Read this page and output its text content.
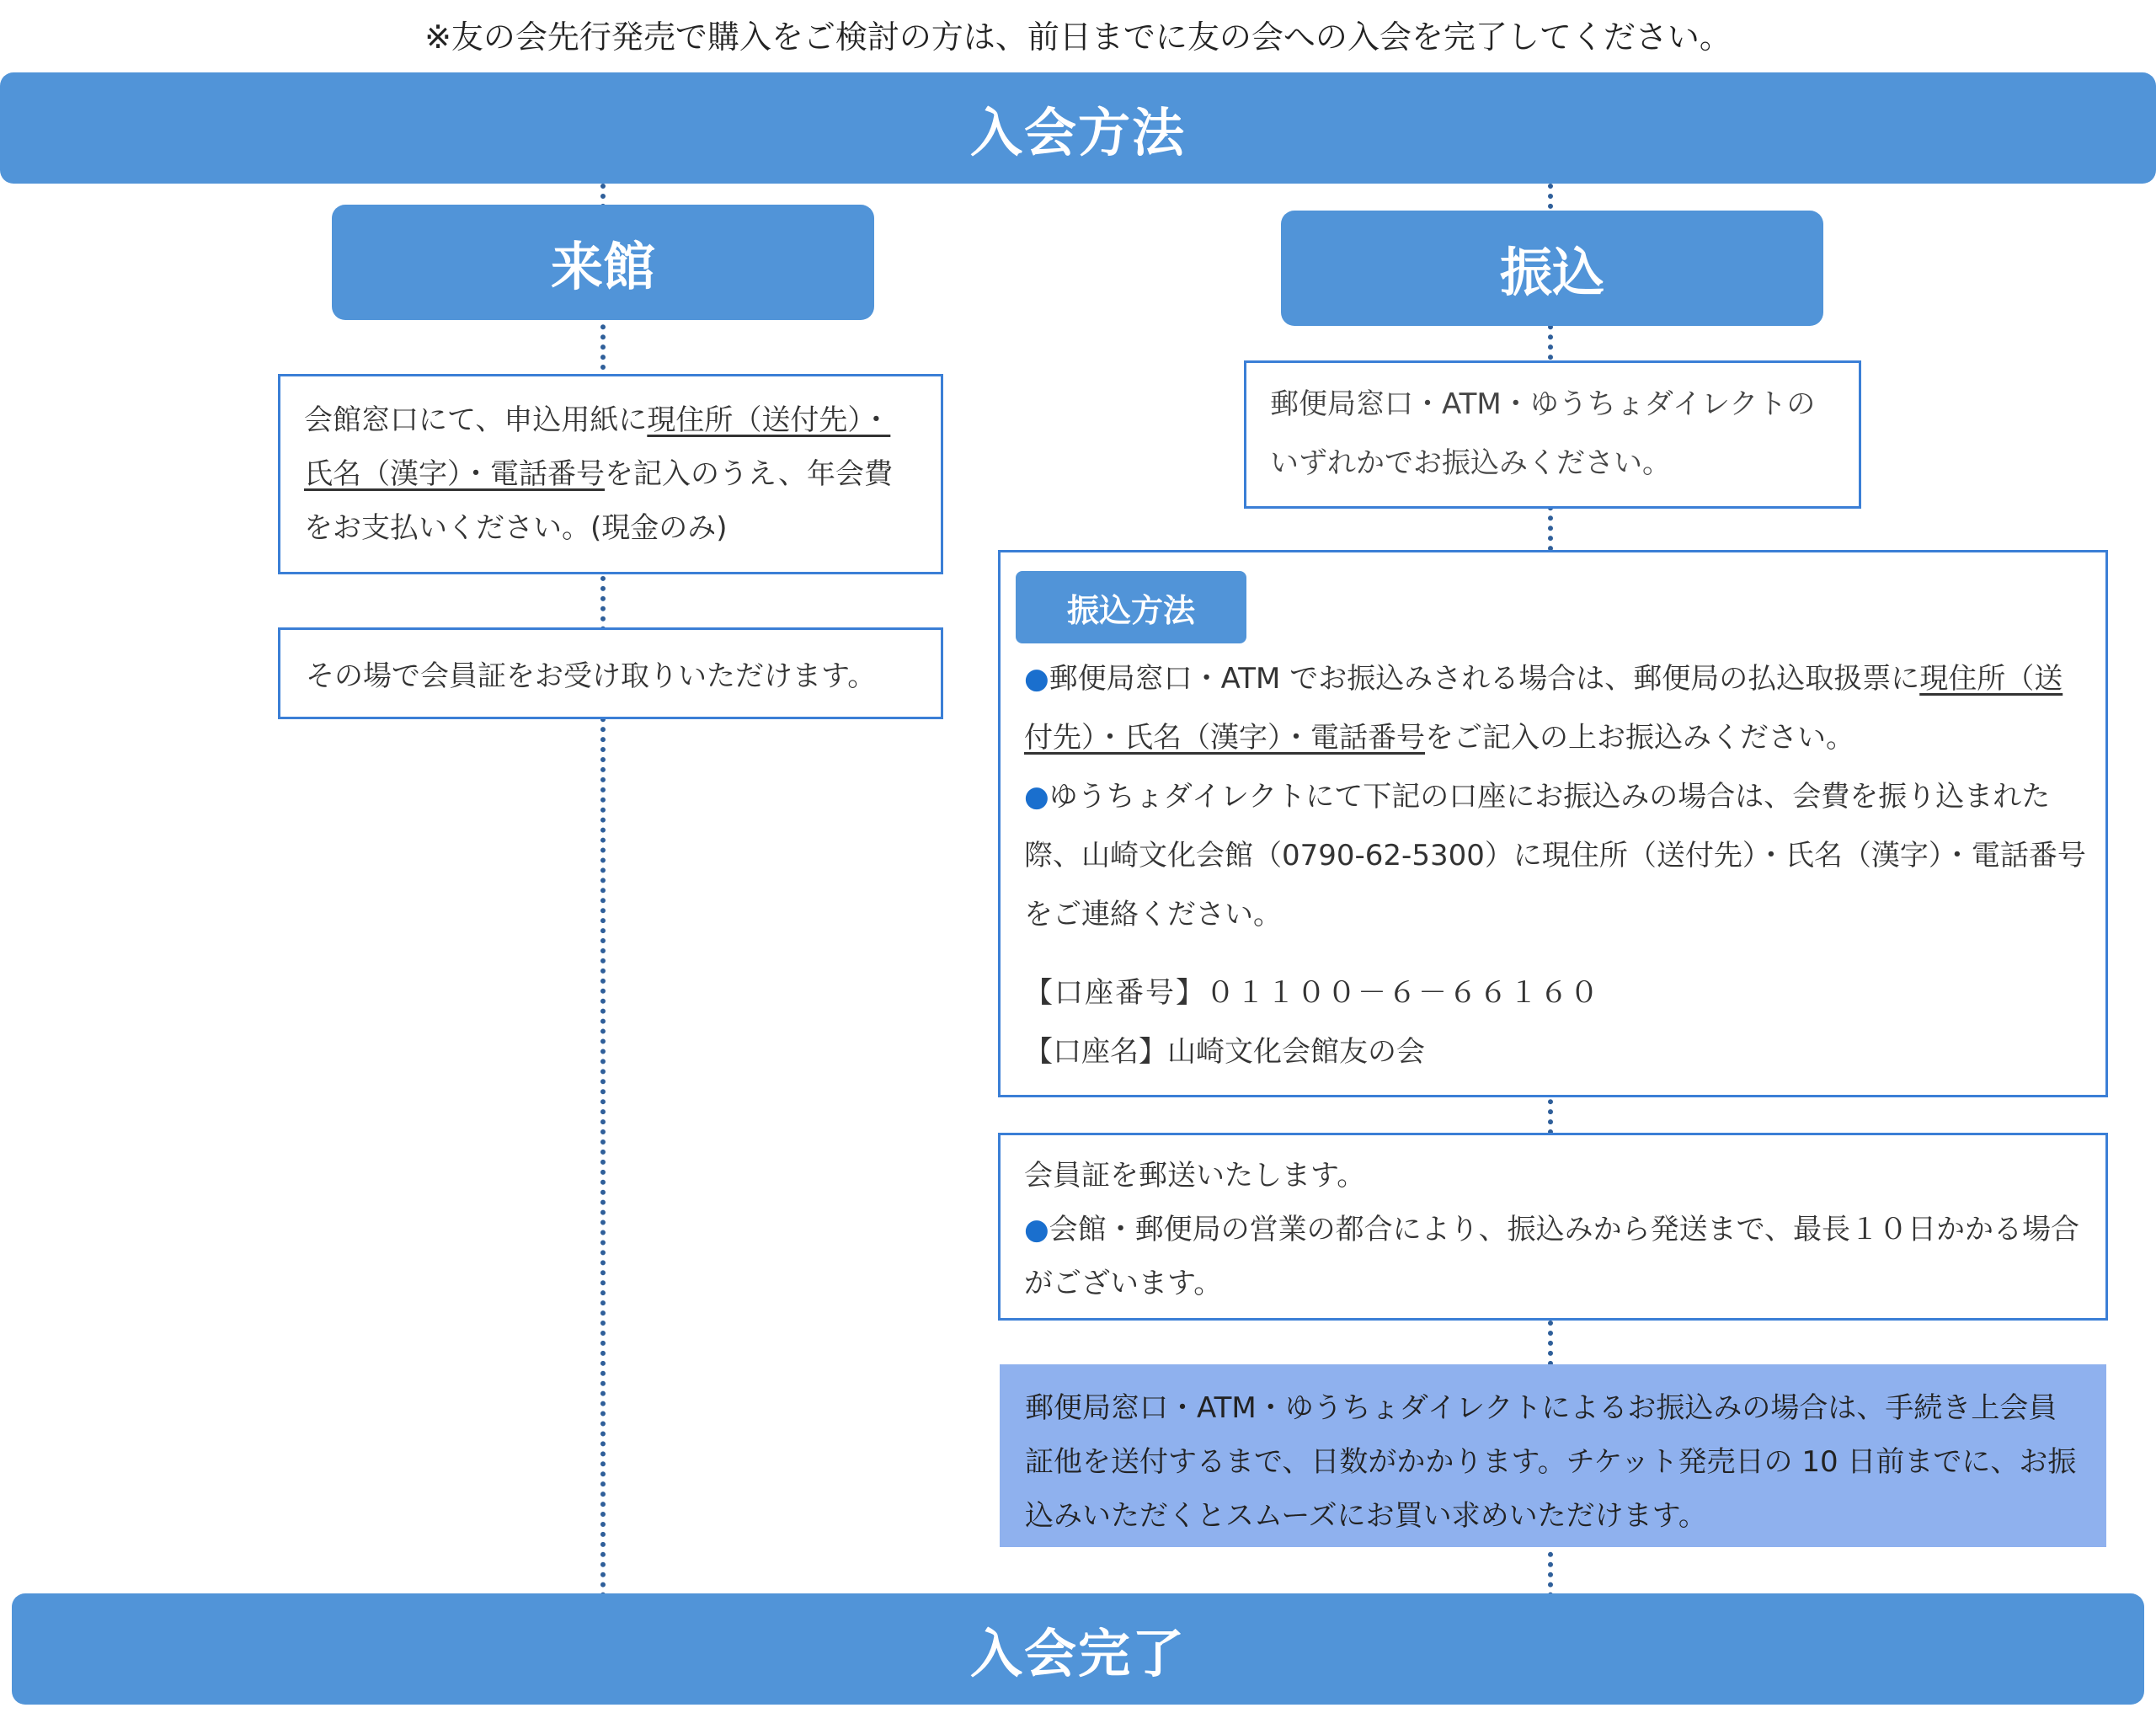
※友の会先行発売で購入をご検討の方は、前日までに友の会への入会を完了してください。
入会方法
来館
会館窓口にて、申込用紙に現住所（送付先）・氏名（漢字）・電話番号を記入のうえ、年会費をお支払いください。(現金のみ)
その場で会員証をお受け取りいただけます。
振込
郵便局窓口・ATM・ゆうちょダイレクトのいずれかでお振込みください。
振込方法
●郵便局窓口・ATM でお振込みされる場合は、郵便局の払込取扱票に現住所（送付先）・氏名（漢字）・電話番号をご記入の上お振込みください。
●ゆうちょダイレクトにて下記の口座にお振込みの場合は、会費を振り込まれた際、山崎文化会館（0790-62-5300）に現住所（送付先）・氏名（漢字）・電話番号をご連絡ください。
【口座番号】０１１００－６－６６１６０
【口座名】山崎文化会館友の会

会員証を郵送いたします。

●会館・郵便局の営業の都合により、振込みから発送まで、最長１０日かかる場合がございます。

郵便局窓口・ATM・ゆうちょダイレクトによるお振込みの場合は、手続き上会員証他を送付するまで、日数がかかります。チケット発売日の 10 日前までに、お振込みいただくとスムーズにお買い求めいただけます。
入会完了
